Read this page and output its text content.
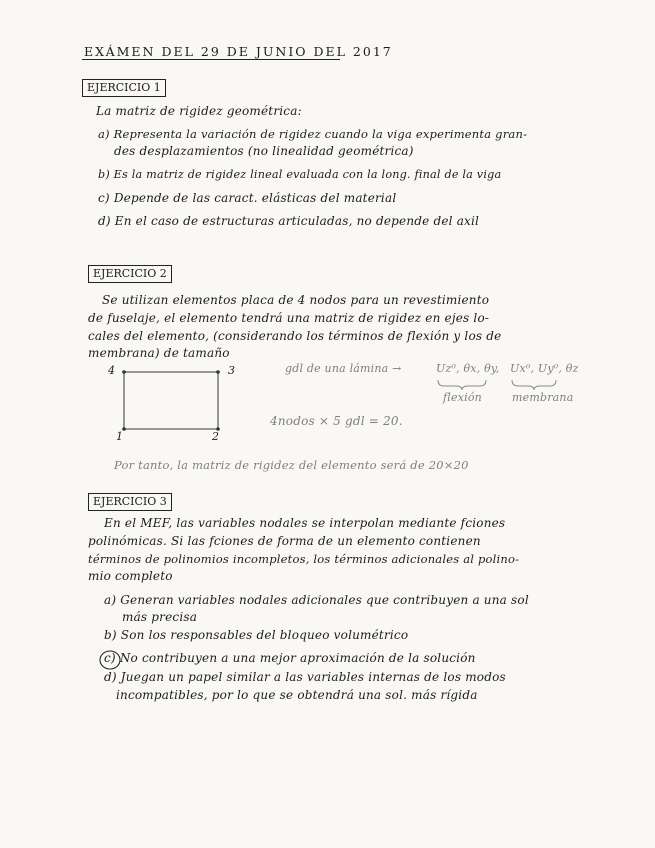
EXÁMEN DEL 29 DE JUNIO DEL 2017
EJERCICIO 1
La matriz de rigidez geométrica:
a) Representa la variación de rigidez cuando la viga experimenta gran-
des desplazamientos (no linealidad geométrica)
b) Es la matriz de rigidez lineal evaluada con la long. final de la viga
c) Depende de las caract. elásticas del material
d) En el caso de estructuras articuladas, no depende del axil
EJERCICIO 2
Se utilizan elementos placa de 4 nodos para un revestimiento
de fuselaje, el elemento tendrá una matriz de rigidez en ejes lo-
cales del elemento, (considerando los términos de flexión y los de
membrana) de tamaño
4	3
1	2
gdl de una lámina →	Uz⁰, θx, θy, Ux⁰, Uy⁰, θz
flexión	membrana
4nodos × 5 gdl = 20.
Por tanto, la matriz de rigidez del elemento será de 20×20
EJERCICIO 3
En el MEF, las variables nodales se interpolan mediante fciones
polinómicas. Si las fciones de forma de un elemento contienen
términos de polinomios incompletos, los términos adicionales al polino-
mio completo
a) Generan variables nodales adicionales que contribuyen a una sol
más precisa
b) Son los responsables del bloqueo volumétrico
c) No contribuyen a una mejor aproximación de la solución
d) Juegan un papel similar a las variables internas de los modos
incompatibles, por lo que se obtendrá una sol. más rígida
